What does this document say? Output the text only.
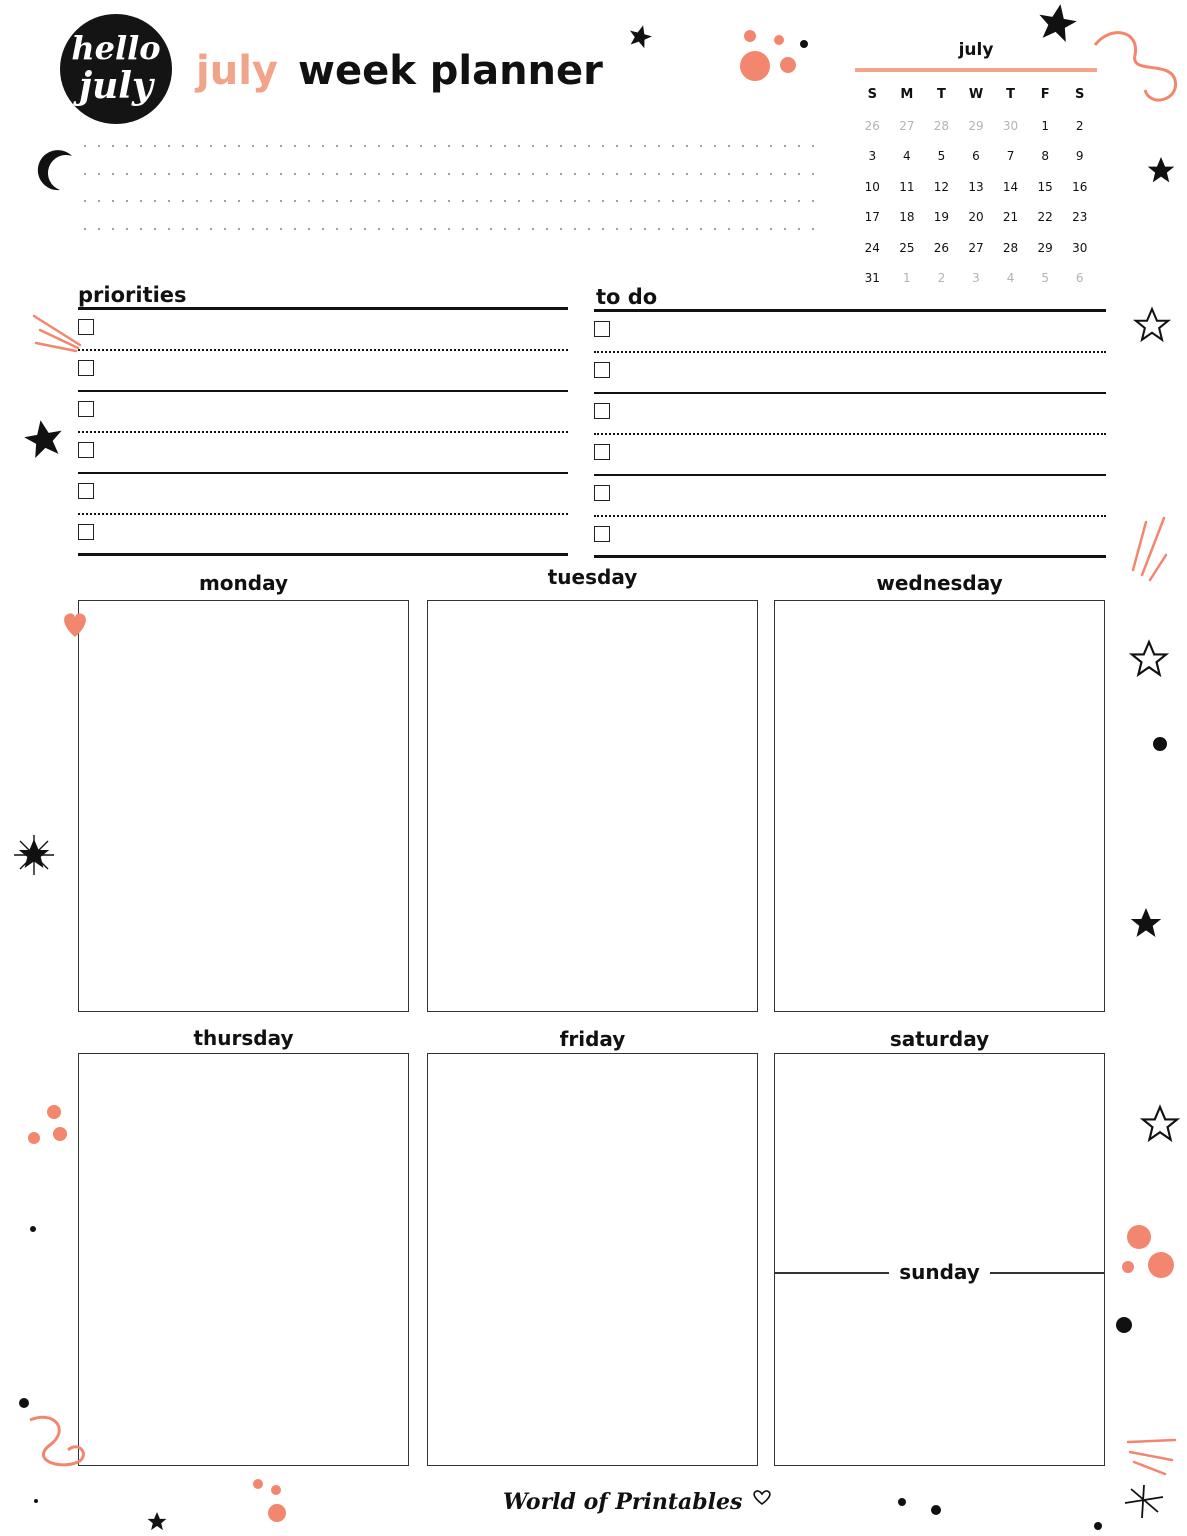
hello
july	july week planner	july
S	M	T	W	T	F	S
26	27	28	29	30	1	2
3	4	5	6	7	8	9
10	11	12	13	14	15	16
17	18	19	20	21	22	23
24	25	26	27	28	29	30
31	1	2	3	4	5	6
priorities	to do
monday	tuesday	wednesday
thursday	friday	saturday
sunday
World of Printables
